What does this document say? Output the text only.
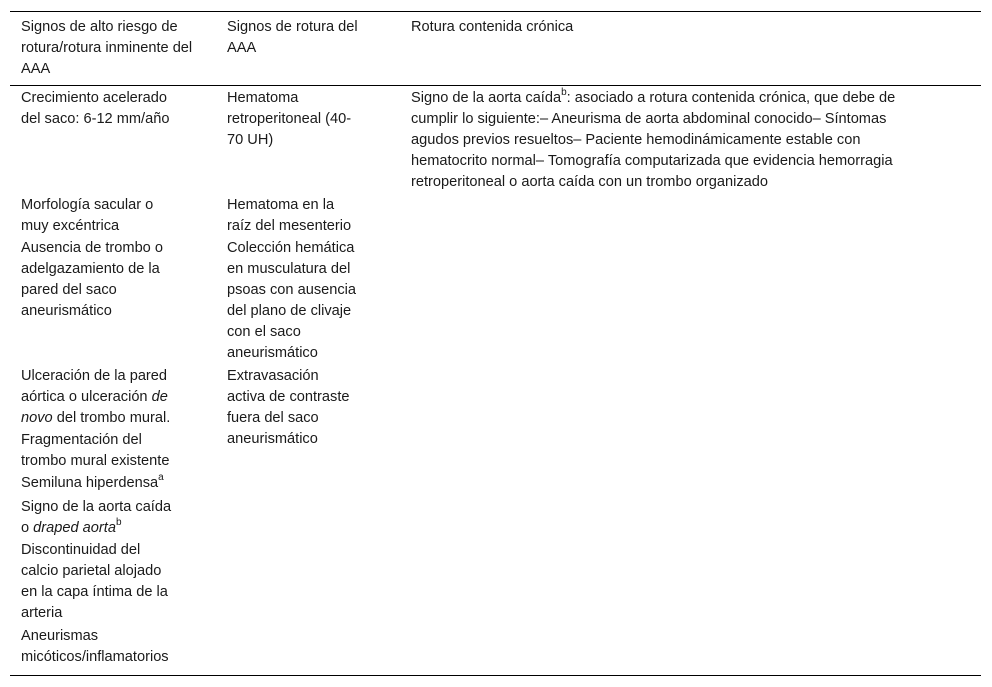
Signos de alto riesgo de
rotura/rotura inminente del
AAA
Signos de rotura del
AAA
Rotura contenida crónica
Crecimiento acelerado
del saco: 6-12 mm/año
Morfología sacular o
muy excéntrica
Ausencia de trombo o
adelgazamiento de la
pared del saco
aneurismático
Ulceración de la pared
aórtica o ulceración de
novo del trombo mural.
Fragmentación del
trombo mural existente
Semiluna hiperdensa$^a$
Signo de la aorta caída
o draped aorta$^b$
Discontinuidad del
calcio parietal alojado
en la capa íntima de la
arteria
Aneurismas
micóticos/inflamatorios
Hematoma
retroperitoneal (40-
70 UH)
Hematoma en la
raíz del mesenterio
Colección hemática
en musculatura del
psoas con ausencia
del plano de clivaje
con el saco
aneurismático
Extravasación
activa de contraste
fuera del saco
aneurismático
Signo de la aorta caída$^b$: asociado a rotura contenida crónica, que debe de
cumplir lo siguiente:– Aneurisma de aorta abdominal conocido– Síntomas
agudos previos resueltos– Paciente hemodinámicamente estable con
hematocrito normal– Tomografía computarizada que evidencia hemorragia
retroperitoneal o aorta caída con un trombo organizado
